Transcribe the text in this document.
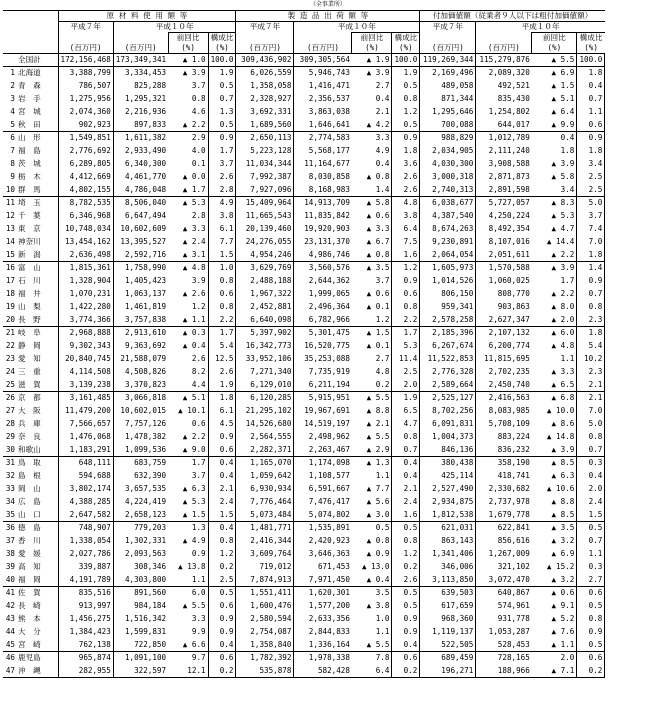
						（全事業所）							
		原 材 料 使 用 額 等				製 造 品 出 荷 額 等				付加価値額（従業者９人以下は粗付加価値額）			
		平成７年	平成１０年			平成７年	平成１０年			平成７年	平成１０年		
				前回比	構成比			前回比	構成比			前回比	構成比
		(百万円)	(百万円)	(%)	(%)	(百万円)	(百万円)	(%)	(%)	(百万円)	(百万円)	(%)	(%)
	全国計	172,156,468	173,349,341	▲ 1.0	100.0	309,436,902	309,305,564	▲ 1.9	100.0	119,269,344	115,279,876	▲ 5.5	100.0
1	北海道	3,388,799	3,334,453	▲ 3.9	1.9	6,026,559	5,946,743	▲ 3.9	1.9	2,169,496	2,089,320	▲ 6.9	1.8
2	青　森	786,507	825,288	3.7	0.5	1,358,058	1,416,471	2.7	0.5	489,058	492,521	▲ 1.5	0.4
3	岩　手	1,275,956	1,295,321	0.8	0.7	2,328,927	2,356,537	0.4	0.8	871,344	835,430	▲ 5.1	0.7
4	宮　城	2,074,360	2,216,936	4.6	1.3	3,692,331	3,863,038	2.1	1.2	1,295,646	1,254,802	▲ 6.4	1.1
5	秋　田	902,923	897,833	▲ 2.2	0.5	1,689,560	1,646,641	▲ 4.2	0.5	700,088	644,017	▲ 9.9	0.6
6	山　形	1,549,851	1,611,382	2.9	0.9	2,650,113	2,774,583	3.3	0.9	988,829	1,012,789	0.4	0.9
7	福　島	2,776,692	2,933,490	4.0	1.7	5,223,128	5,568,177	4.9	1.8	2,034,905	2,111,240	1.8	1.8
8	茨　城	6,289,805	6,340,300	0.1	3.7	11,034,344	11,164,677	0.4	3.6	4,030,300	3,908,588	▲ 3.9	3.4
9	栃　木	4,412,669	4,461,770	▲ 0.0	2.6	7,992,387	8,030,858	▲ 0.8	2.6	3,000,318	2,871,873	▲ 5.8	2.5
10	群　馬	4,802,155	4,786,048	▲ 1.7	2.8	7,927,096	8,168,983	1.4	2.6	2,740,313	2,891,598	3.4	2.5
11	埼　玉	8,782,535	8,506,040	▲ 5.3	4.9	15,409,964	14,913,709	▲ 5.8	4.8	6,038,677	5,727,057	▲ 8.3	5.0
12	千　葉	6,346,968	6,647,494	2.8	3.8	11,665,543	11,835,842	▲ 0.6	3.8	4,387,540	4,250,224	▲ 5.3	3.7
13	東　京	10,748,034	10,602,609	▲ 3.3	6.1	20,139,460	19,920,903	▲ 3.3	6.4	8,674,263	8,492,354	▲ 4.7	7.4
14	神奈川	13,454,162	13,395,527	▲ 2.4	7.7	24,276,055	23,131,370	▲ 6.7	7.5	9,230,891	8,107,016	▲ 14.4	7.0
15	新　潟	2,636,498	2,592,716	▲ 3.1	1.5	4,954,246	4,986,746	▲ 0.8	1.6	2,064,054	2,051,611	▲ 2.2	1.8
16	富　山	1,815,361	1,758,990	▲ 4.8	1.0	3,629,769	3,560,576	▲ 3.5	1.2	1,605,973	1,570,588	▲ 3.9	1.4
17	石　川	1,328,904	1,405,423	3.9	0.8	2,488,188	2,644,362	3.7	0.9	1,014,526	1,060,025	1.7	0.9
18	福　井	1,070,231	1,063,137	▲ 2.6	0.6	1,967,322	1,999,065	▲ 0.6	0.6	806,150	808,770	▲ 2.2	0.7
19	山　梨	1,422,280	1,461,819	1.2	0.8	2,452,881	2,496,364	▲ 0.1	0.8	959,341	903,863	▲ 8.0	0.8
20	長　野	3,774,366	3,757,838	▲ 1.1	2.2	6,640,098	6,782,966	1.2	2.2	2,578,258	2,627,347	▲ 2.0	2.3
21	岐　阜	2,968,888	2,913,610	▲ 0.3	1.7	5,397,902	5,301,475	▲ 1.5	1.7	2,185,396	2,107,132	▲ 6.0	1.8
22	静　岡	9,302,343	9,363,692	▲ 0.4	5.4	16,342,773	16,520,775	▲ 0.1	5.3	6,267,674	6,200,774	▲ 4.8	5.4
23	愛　知	20,840,745	21,588,079	2.6	12.5	33,952,106	35,253,088	2.7	11.4	11,522,853	11,815,695	1.1	10.2
24	三　重	4,114,508	4,508,826	8.2	2.6	7,271,340	7,735,919	4.8	2.5	2,776,328	2,702,235	▲ 3.3	2.3
25	滋　賀	3,139,238	3,370,823	4.4	1.9	6,129,010	6,211,194	0.2	2.0	2,589,664	2,450,740	▲ 6.5	2.1
26	京　都	3,161,485	3,066,818	▲ 5.1	1.8	6,120,285	5,915,951	▲ 5.5	1.9	2,525,127	2,416,563	▲ 6.8	2.1
27	大　阪	11,479,200	10,602,015	▲ 10.1	6.1	21,295,102	19,967,691	▲ 8.8	6.5	8,702,256	8,083,985	▲ 10.0	7.0
28	兵　庫	7,566,657	7,757,126	0.6	4.5	14,526,680	14,519,197	▲ 2.1	4.7	6,091,831	5,708,109	▲ 8.6	5.0
29	奈　良	1,476,068	1,478,382	▲ 2.2	0.9	2,564,555	2,498,962	▲ 5.5	0.8	1,004,373	883,224	▲ 14.8	0.8
30	和歌山	1,183,291	1,099,536	▲ 9.0	0.6	2,282,371	2,263,467	▲ 2.9	0.7	846,136	836,232	▲ 3.9	0.7
31	鳥　取	648,111	683,759	1.7	0.4	1,165,070	1,174,098	▲ 1.3	0.4	380,438	358,190	▲ 8.5	0.3
32	島　根	594,688	632,390	3.7	0.4	1,059,642	1,108,577	1.1	0.4	425,114	418,741	▲ 6.3	0.4
33	岡　山	3,802,174	3,657,535	▲ 6.3	2.1	6,930,934	6,591,667	▲ 7.7	2.1	2,527,490	2,330,682	▲ 10.6	2.0
34	広　島	4,388,285	4,224,419	▲ 5.3	2.4	7,776,464	7,476,417	▲ 5.6	2.4	2,934,875	2,737,978	▲ 8.8	2.4
35	山　口	2,647,582	2,658,123	▲ 1.5	1.5	5,073,484	5,074,802	▲ 3.0	1.6	1,812,538	1,679,778	▲ 8.5	1.5
36	徳　島	748,907	779,203	1.3	0.4	1,481,771	1,535,891	0.5	0.5	621,031	622,841	▲ 3.5	0.5
37	香　川	1,338,054	1,302,331	▲ 4.9	0.8	2,416,344	2,420,923	▲ 0.8	0.8	863,143	856,616	▲ 3.2	0.7
38	愛　媛	2,027,786	2,093,563	0.9	1.2	3,609,764	3,646,363	▲ 0.9	1.2	1,341,406	1,267,009	▲ 6.9	1.1
39	高　知	339,887	308,346	▲ 13.8	0.2	719,012	671,453	▲ 13.0	0.2	346,006	321,102	▲ 15.2	0.3
40	福　岡	4,191,789	4,303,800	1.1	2.5	7,874,913	7,971,450	▲ 0.4	2.6	3,113,850	3,072,470	▲ 3.2	2.7
41	佐　賀	835,516	891,560	6.0	0.5	1,551,411	1,620,301	3.5	0.5	639,503	640,867	▲ 0.6	0.6
42	長　崎	913,997	984,184	▲ 5.5	0.6	1,600,476	1,577,200	▲ 3.8	0.5	617,659	574,961	▲ 9.1	0.5
43	熊　本	1,456,275	1,516,342	3.3	0.9	2,580,594	2,633,356	1.0	0.9	968,360	931,778	▲ 5.2	0.8
44	大　分	1,384,423	1,599,831	9.9	0.9	2,754,087	2,844,833	1.1	0.9	1,119,137	1,053,287	▲ 7.6	0.9
45	宮　崎	762,138	722,850	▲ 6.6	0.4	1,358,840	1,336,164	▲ 5.5	0.4	522,505	528,453	▲ 1.1	0.5
46	鹿児島	965,874	1,091,100	9.7	0.6	1,782,392	1,978,338	7.8	0.6	689,459	728,165	2.0	0.6
47	沖　縄	282,955	322,597	12.1	0.2	535,878	582,428	6.4	0.2	196,271	188,966	▲ 7.1	0.2
